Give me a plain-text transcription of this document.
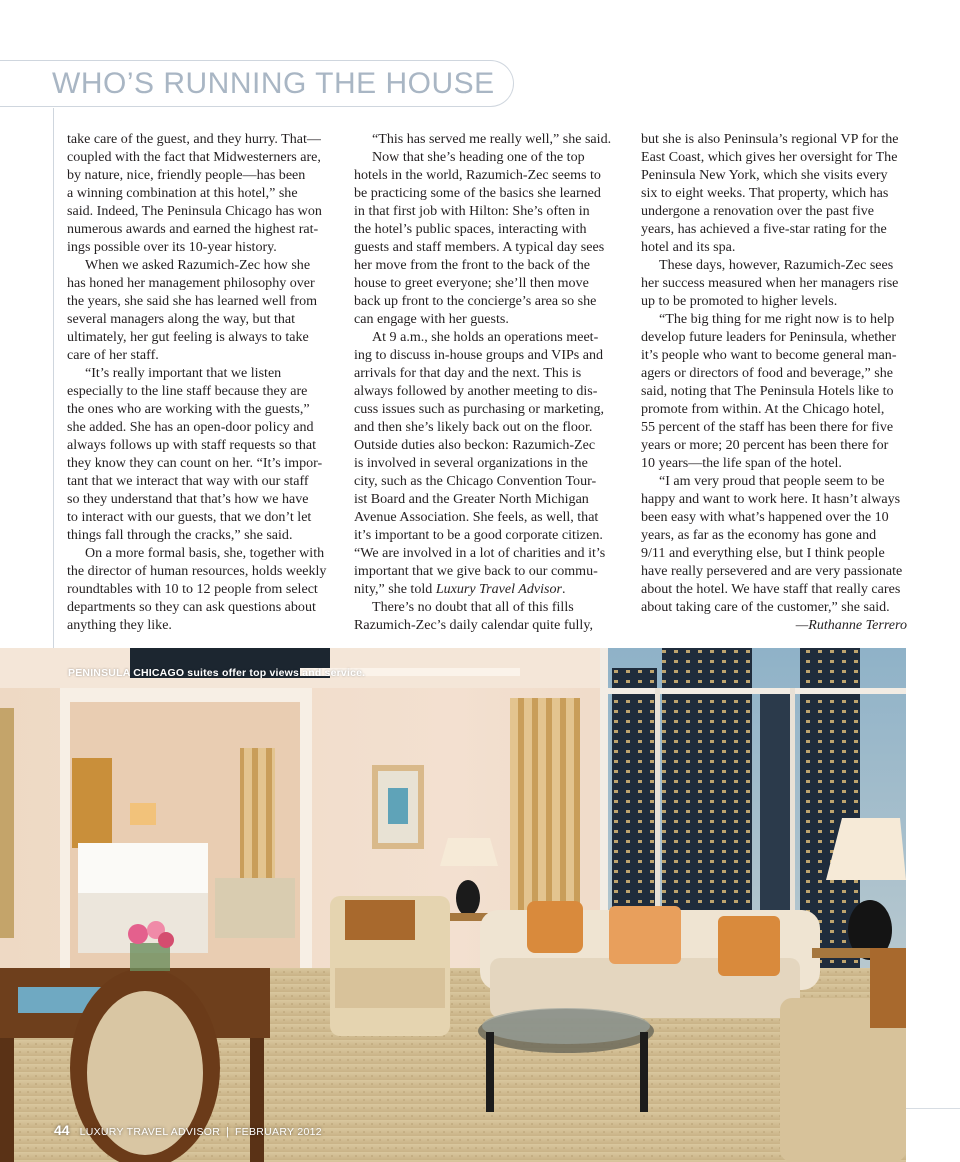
WHO’S RUNNING THE HOUSE
take care of the guest, and they hurry. That—
coupled with the fact that Midwesterners are,
by nature, nice, friendly people—has been
a winning combination at this hotel,” she
said. Indeed, The Peninsula Chicago has won
numerous awards and earned the highest rat-
ings possible over its 10-year history.
When we asked Razumich-Zec how she
has honed her management philosophy over
the years, she said she has learned well from
several managers along the way, but that
ultimately, her gut feeling is always to take
care of her staff.
“It’s really important that we listen
especially to the line staff because they are
the ones who are working with the guests,”
she added. She has an open-door policy and
always follows up with staff requests so that
they know they can count on her. “It’s impor-
tant that we interact that way with our staff
so they understand that that’s how we have
to interact with our guests, that we don’t let
things fall through the cracks,” she said.
On a more formal basis, she, together with
the director of human resources, holds weekly
roundtables with 10 to 12 people from select
departments so they can ask questions about
anything they like.
“This has served me really well,” she said.
Now that she’s heading one of the top
hotels in the world, Razumich-Zec seems to
be practicing some of the basics she learned
in that first job with Hilton: She’s often in
the hotel’s public spaces, interacting with
guests and staff members. A typical day sees
her move from the front to the back of the
house to greet everyone; she’ll then move
back up front to the concierge’s area so she
can engage with her guests.
At 9 a.m., she holds an operations meet-
ing to discuss in-house groups and VIPs and
arrivals for that day and the next. This is
always followed by another meeting to dis-
cuss issues such as purchasing or marketing,
and then she’s likely back out on the floor.
Outside duties also beckon: Razumich-Zec
is involved in several organizations in the
city, such as the Chicago Convention Tour-
ist Board and the Greater North Michigan
Avenue Association. She feels, as well, that
it’s important to be a good corporate citizen.
“We are involved in a lot of charities and it’s
important that we give back to our commu-
nity,” she told Luxury Travel Advisor.
There’s no doubt that all of this fills
Razumich-Zec’s daily calendar quite fully,
but she is also Peninsula’s regional VP for the
East Coast, which gives her oversight for The
Peninsula New York, which she visits every
six to eight weeks. That property, which has
undergone a renovation over the past five
years, has achieved a five-star rating for the
hotel and its spa.
These days, however, Razumich-Zec sees
her success measured when her managers rise
up to be promoted to higher levels.
“The big thing for me right now is to help
develop future leaders for Peninsula, whether
it’s people who want to become general man-
agers or directors of food and beverage,” she
said, noting that The Peninsula Hotels like to
promote from within. At the Chicago hotel,
55 percent of the staff has been there for five
years or more; 20 percent has been there for
10 years—the life span of the hotel.
“I am very proud that people seem to be
happy and want to work here. It hasn’t always
been easy with what’s happened over the 10
years, as far as the economy has gone and
9/11 and everything else, but I think people
have really persevered and are very passionate
about the hotel. We have staff that really cares
about taking care of the customer,” she said.
—Ruthanne Terrero
PENINSULA CHICAGO suites offer top views and service.
44 LUXURY TRAVEL ADVISOR | FEBRUARY 2012
